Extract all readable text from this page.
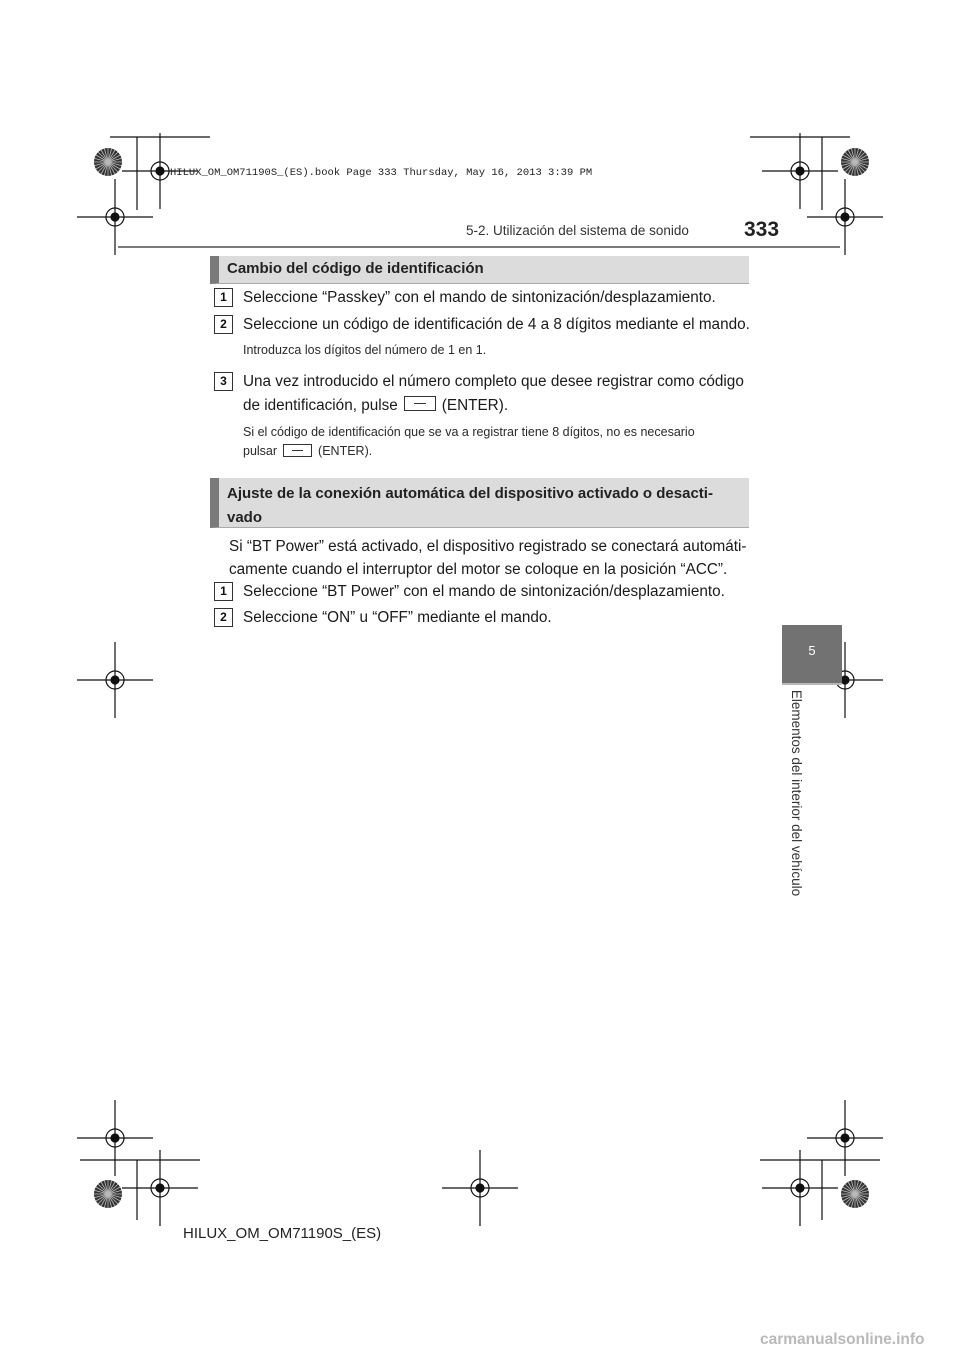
HILUX_OM_OM71190S_(ES).book Page 333 Thursday, May 16, 2013 3:39 PM
5-2. Utilización del sistema de sonido	333
5
Elementos del interior del vehículo
Cambio del código de identificación
1	Seleccione “Passkey” con el mando de sintonización/desplazamiento.
2	Seleccione un código de identificación de 4 a 8 dígitos mediante el mando.
Introduzca los dígitos del número de 1 en 1.
3	Una vez introducido el número completo que desee registrar como código
de identificación, pulse	(ENTER).
Si el código de identificación que se va a registrar tiene 8 dígitos, no es necesario
pulsar	(ENTER).
Ajuste de la conexión automática del dispositivo activado o desacti-
vado
Si “BT Power” está activado, el dispositivo registrado se conectará automáti-
camente cuando el interruptor del motor se coloque en la posición “ACC”.
1	Seleccione “BT Power” con el mando de sintonización/desplazamiento.
2	Seleccione “ON” u “OFF” mediante el mando.
HILUX_OM_OM71190S_(ES)
carmanualsonline.info
